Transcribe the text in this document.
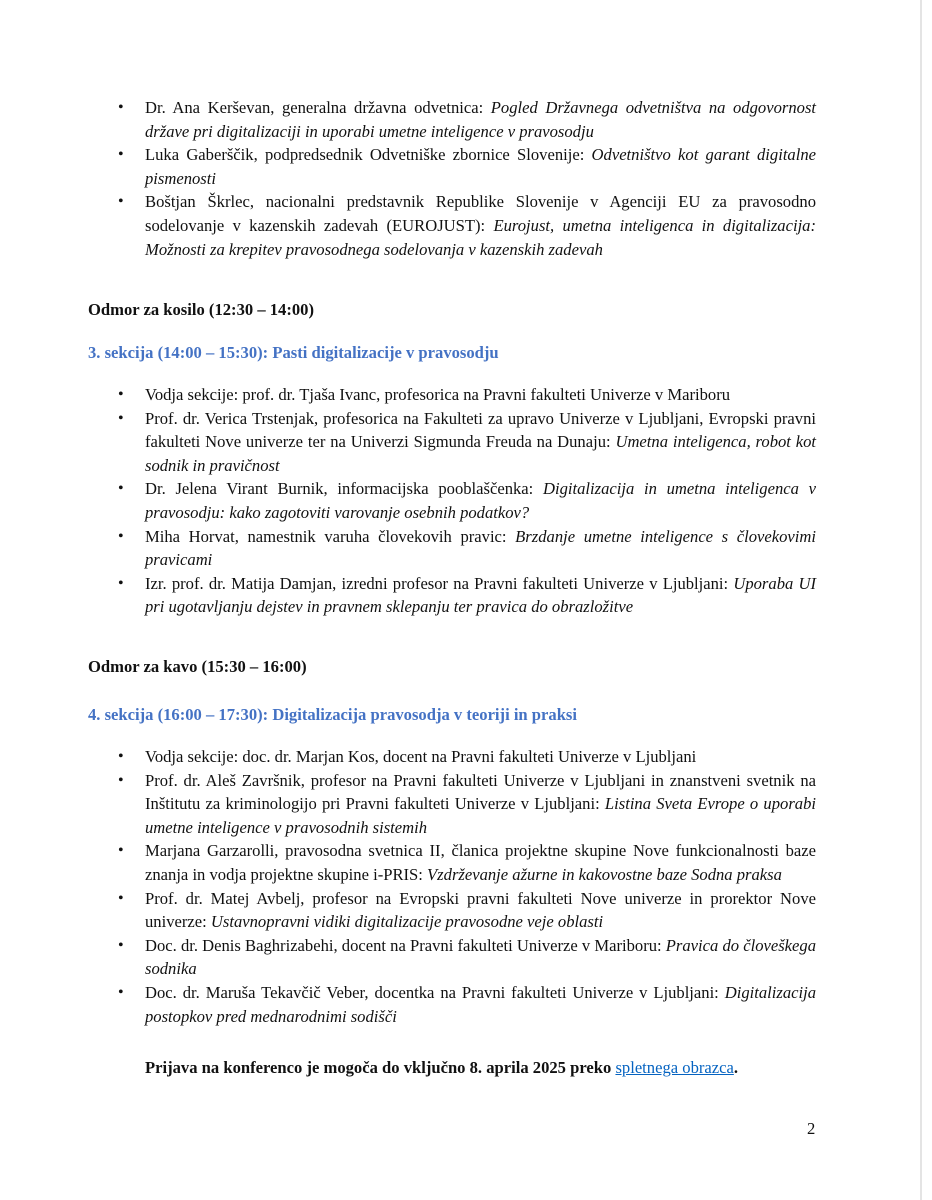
• Dr. Ana Kerševan, generalna državna odvetnica: Pogled Državnega odvetništva na odgovornost države pri digitalizaciji in uporabi umetne inteligence v pravosodju
• Luka Gaberščik, podpredsednik Odvetniške zbornice Slovenije: Odvetništvo kot garant digitalne pismenosti
• Boštjan Škrlec, nacionalni predstavnik Republike Slovenije v Agenciji EU za pravosodno sodelovanje v kazenskih zadevah (EUROJUST): Eurojust, umetna inteligenca in digitalizacija: Možnosti za krepitev pravosodnega sodelovanja v kazenskih zadevah
Odmor za kosilo (12:30 – 14:00)
3. sekcija (14:00 – 15:30): Pasti digitalizacije v pravosodju
• Vodja sekcije: prof. dr. Tjaša Ivanc, profesorica na Pravni fakulteti Univerze v Mariboru
• Prof. dr. Verica Trstenjak, profesorica na Fakulteti za upravo Univerze v Ljubljani, Evropski pravni fakulteti Nove univerze ter na Univerzi Sigmunda Freuda na Dunaju: Umetna inteligenca, robot kot sodnik in pravičnost
• Dr. Jelena Virant Burnik, informacijska pooblaščenka: Digitalizacija in umetna inteligenca v pravosodju: kako zagotoviti varovanje osebnih podatkov?
• Miha Horvat, namestnik varuha človekovih pravic: Brzdanje umetne inteligence s človekovimi pravicami
• Izr. prof. dr. Matija Damjan, izredni profesor na Pravni fakulteti Univerze v Ljubljani: Uporaba UI pri ugotavljanju dejstev in pravnem sklepanju ter pravica do obrazložitve
Odmor za kavo (15:30 – 16:00)
4. sekcija (16:00 – 17:30): Digitalizacija pravosodja v teoriji in praksi
• Vodja sekcije: doc. dr. Marjan Kos, docent na Pravni fakulteti Univerze v Ljubljani
• Prof. dr. Aleš Završnik, profesor na Pravni fakulteti Univerze v Ljubljani in znanstveni svetnik na Inštitutu za kriminologijo pri Pravni fakulteti Univerze v Ljubljani: Listina Sveta Evrope o uporabi umetne inteligence v pravosodnih sistemih
• Marjana Garzarolli, pravosodna svetnica II, članica projektne skupine Nove funkcionalnosti baze znanja in vodja projektne skupine i-PRIS: Vzdrževanje ažurne in kakovostne baze Sodna praksa
• Prof. dr. Matej Avbelj, profesor na Evropski pravni fakulteti Nove univerze in prorektor Nove univerze: Ustavnopravni vidiki digitalizacije pravosodne veje oblasti
• Doc. dr. Denis Baghrizabehi, docent na Pravni fakulteti Univerze v Mariboru: Pravica do človeškega sodnika
• Doc. dr. Maruša Tekavčič Veber, docentka na Pravni fakulteti Univerze v Ljubljani: Digitalizacija postopkov pred mednarodnimi sodišči
Prijava na konferenco je mogoča do vključno 8. aprila 2025 preko spletnega obrazca.
2
